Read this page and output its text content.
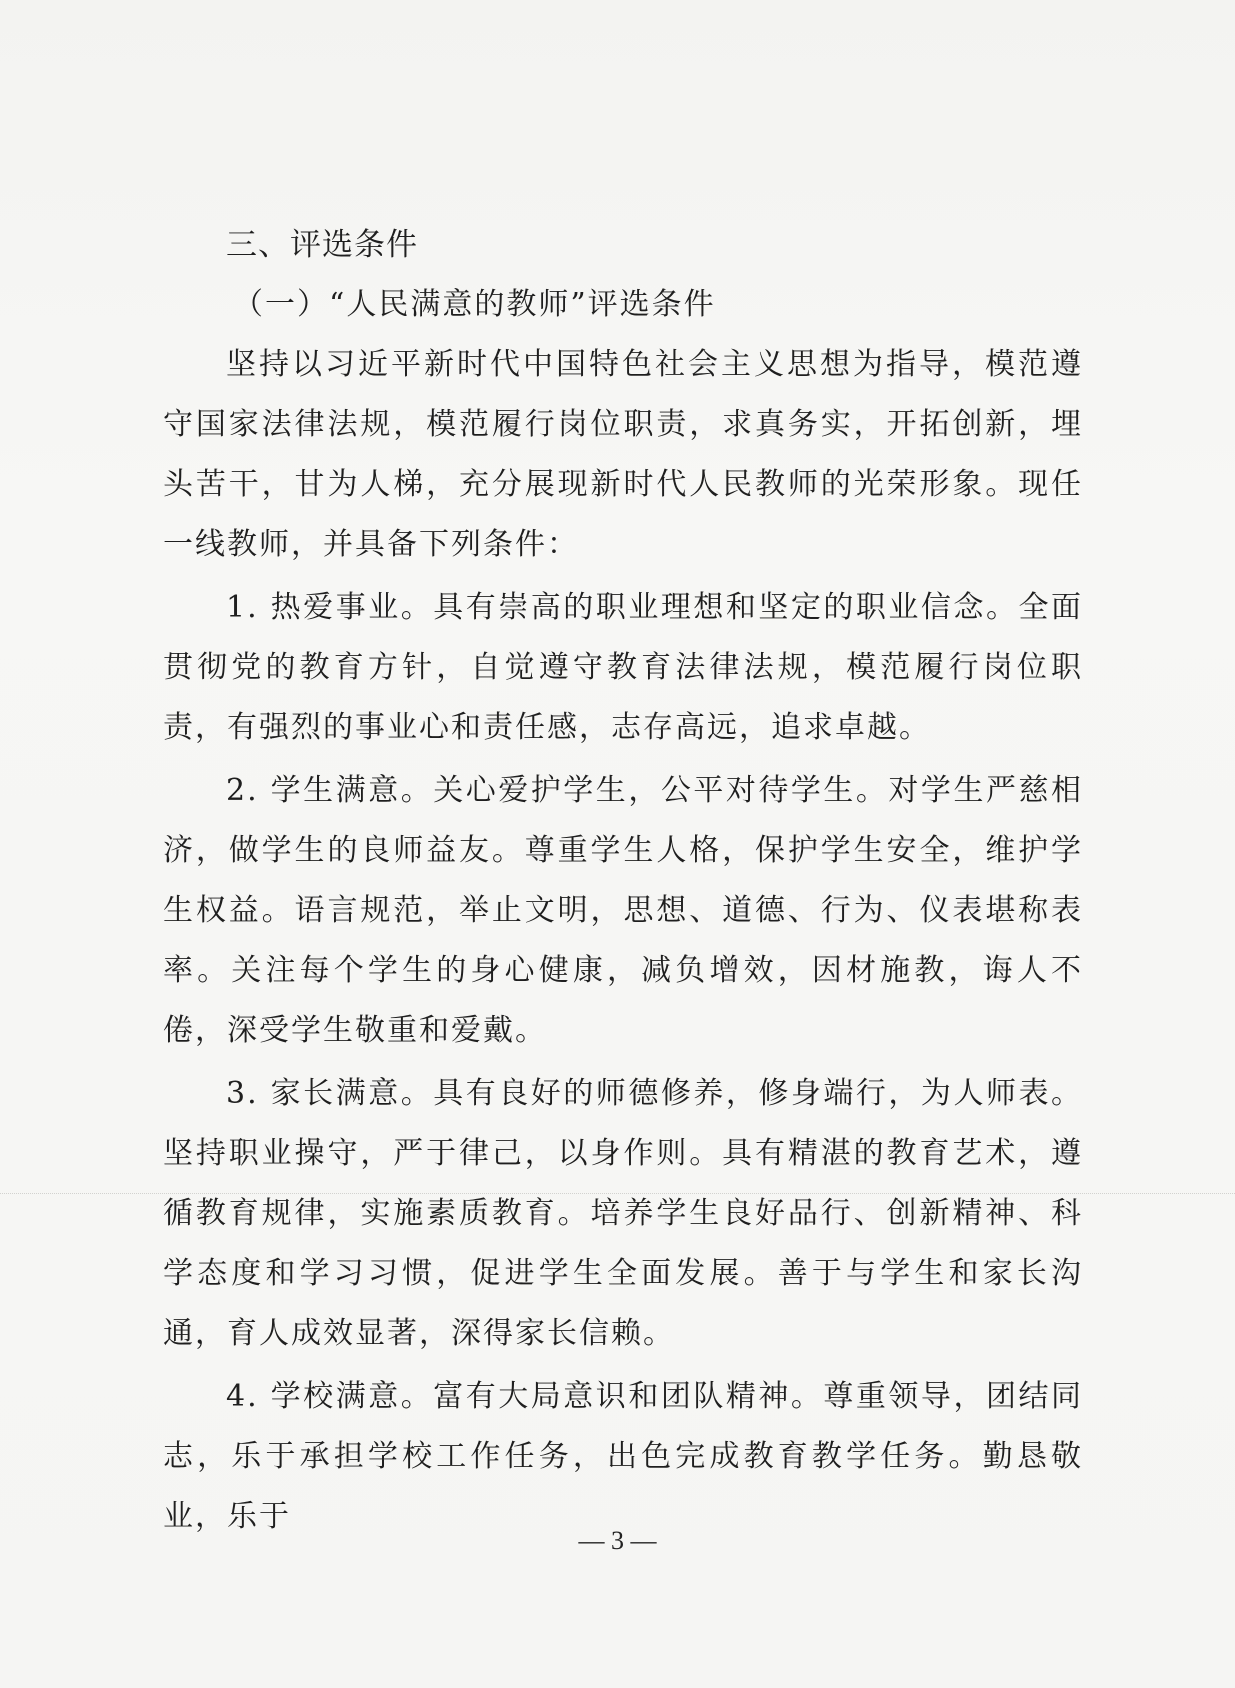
三、评选条件
（一）“人民满意的教师”评选条件

坚持以习近平新时代中国特色社会主义思想为指导，模范遵守国家法律法规，模范履行岗位职责，求真务实，开拓创新，埋头苦干，甘为人梯，充分展现新时代人民教师的光荣形象。现任一线教师，并具备下列条件：

1. 热爱事业。具有崇高的职业理想和坚定的职业信念。全面贯彻党的教育方针，自觉遵守教育法律法规，模范履行岗位职责，有强烈的事业心和责任感，志存高远，追求卓越。

2. 学生满意。关心爱护学生，公平对待学生。对学生严慈相济，做学生的良师益友。尊重学生人格，保护学生安全，维护学生权益。语言规范，举止文明，思想、道德、行为、仪表堪称表率。关注每个学生的身心健康，减负增效，因材施教，诲人不倦，深受学生敬重和爱戴。

3. 家长满意。具有良好的师德修养，修身端行，为人师表。坚持职业操守，严于律己，以身作则。具有精湛的教育艺术，遵循教育规律，实施素质教育。培养学生良好品行、创新精神、科学态度和学习习惯，促进学生全面发展。善于与学生和家长沟通，育人成效显著，深得家长信赖。

4. 学校满意。富有大局意识和团队精神。尊重领导，团结同志，乐于承担学校工作任务，出色完成教育教学任务。勤恳敬业，乐于

— 3 —
